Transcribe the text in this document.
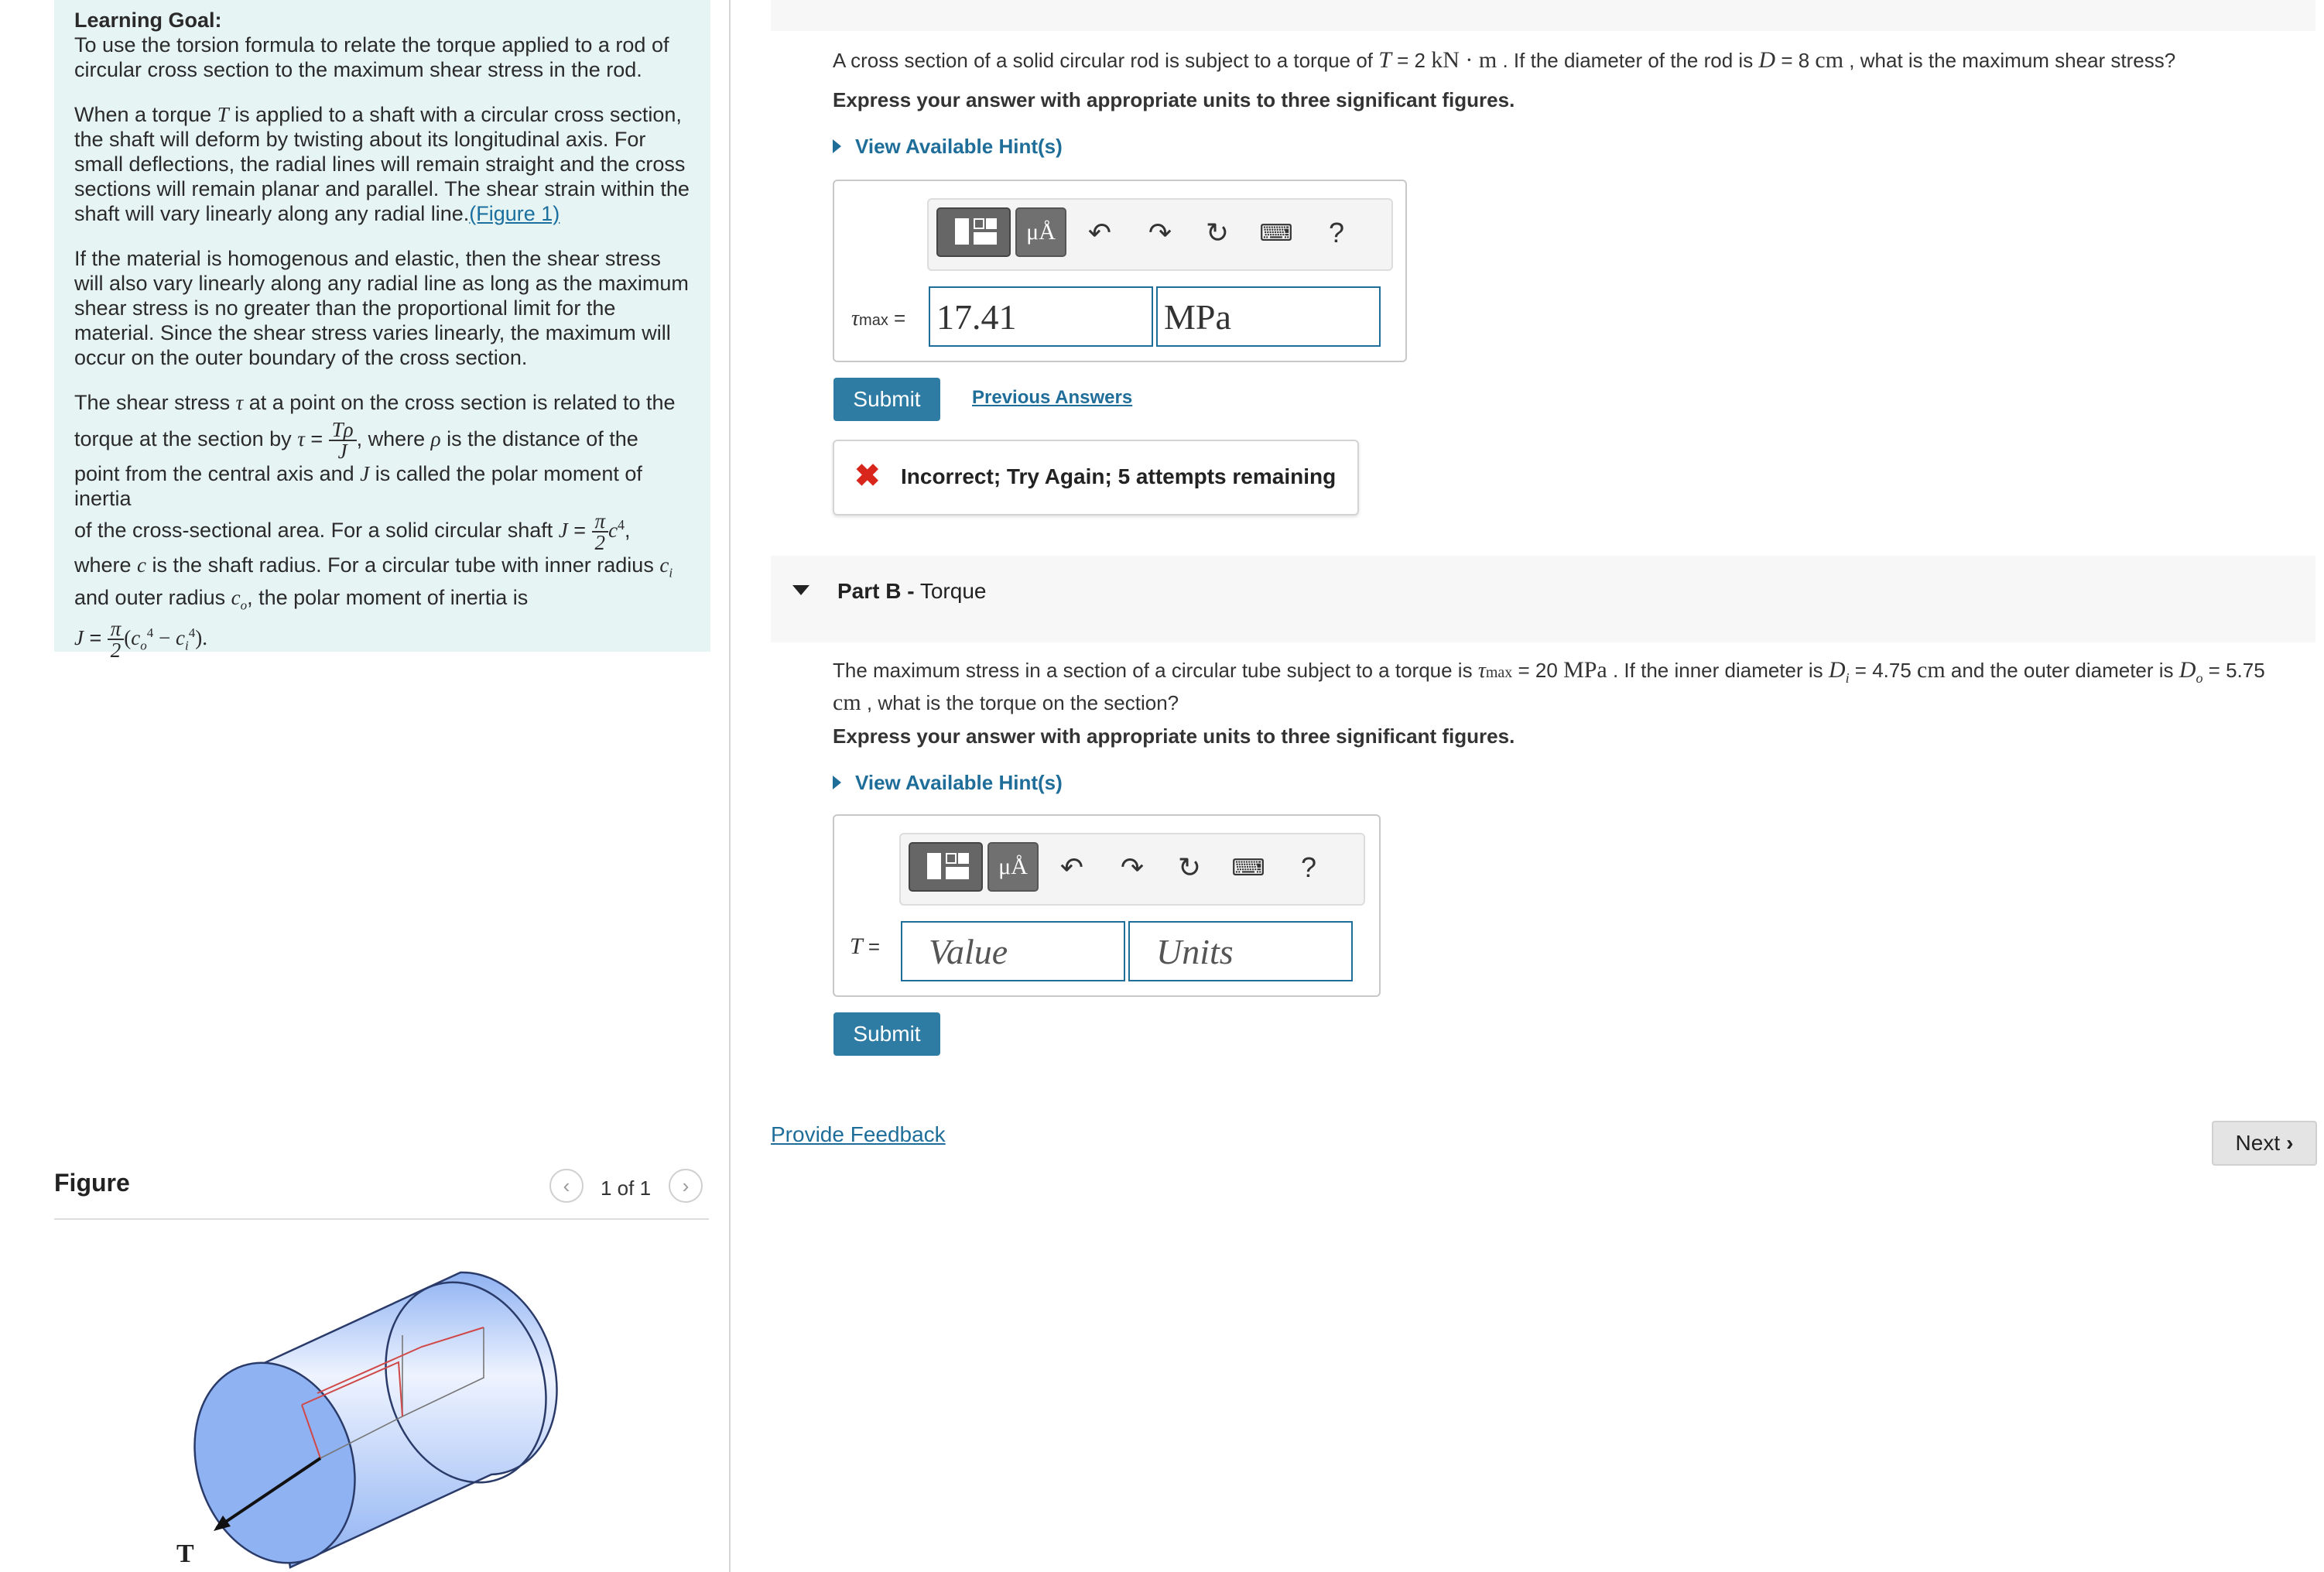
Learning Goal:
To use the torsion formula to relate the torque applied to a rod of circular cross section to the maximum shear stress in the rod.

When a torque T is applied to a shaft with a circular cross section, the shaft will deform by twisting about its longitudinal axis. For small deflections, the radial lines will remain straight and the cross sections will remain planar and parallel. The shear strain within the shaft will vary linearly along any radial line.(Figure 1)

If the material is homogenous and elastic, then the shear stress will also vary linearly along any radial line as long as the maximum shear stress is no greater than the proportional limit for the material. Since the shear stress varies linearly, the maximum will occur on the outer boundary of the cross section.

The shear stress τ at a point on the cross section is related to the
torque at the section by $\tau = \frac{T\rho}{J}$ , where ρ is the distance of the
point from the central axis and J is called the polar moment of inertia
of the cross-sectional area. For a solid circular shaft $J = \frac{\pi}{2} c^4$,
where c is the shaft radius. For a circular tube with inner radius $c_i$
and outer radius $c_o$, the polar moment of inertia is
$J = \frac{\pi}{2} (c_o^4 - c_i^4)$.
Figure	‹ 1 of 1 ›
T
A cross section of a solid circular rod is subject to a torque of T = 2 kN · m . If the diameter of the rod is D = 8 cm , what is the maximum shear stress?
Express your answer with appropriate units to three significant figures.
View Available Hint(s)
μÅ ↶ ↷ ↻ ⌨ ?
τmax = 17.41	MPa
Submit	Previous Answers
✖ Incorrect; Try Again; 5 attempts remaining
Part B - Torque
The maximum stress in a section of a circular tube subject to a torque is τmax = 20 MPa . If the inner diameter is $D_i = 4.75$ cm and the outer diameter is $D_o = 5.75$
cm , what is the torque on the section?
Express your answer with appropriate units to three significant figures.
View Available Hint(s)
μÅ ↶ ↷ ↻ ⌨ ?
T =	Value	Units
Submit
Provide Feedback	Next ›
